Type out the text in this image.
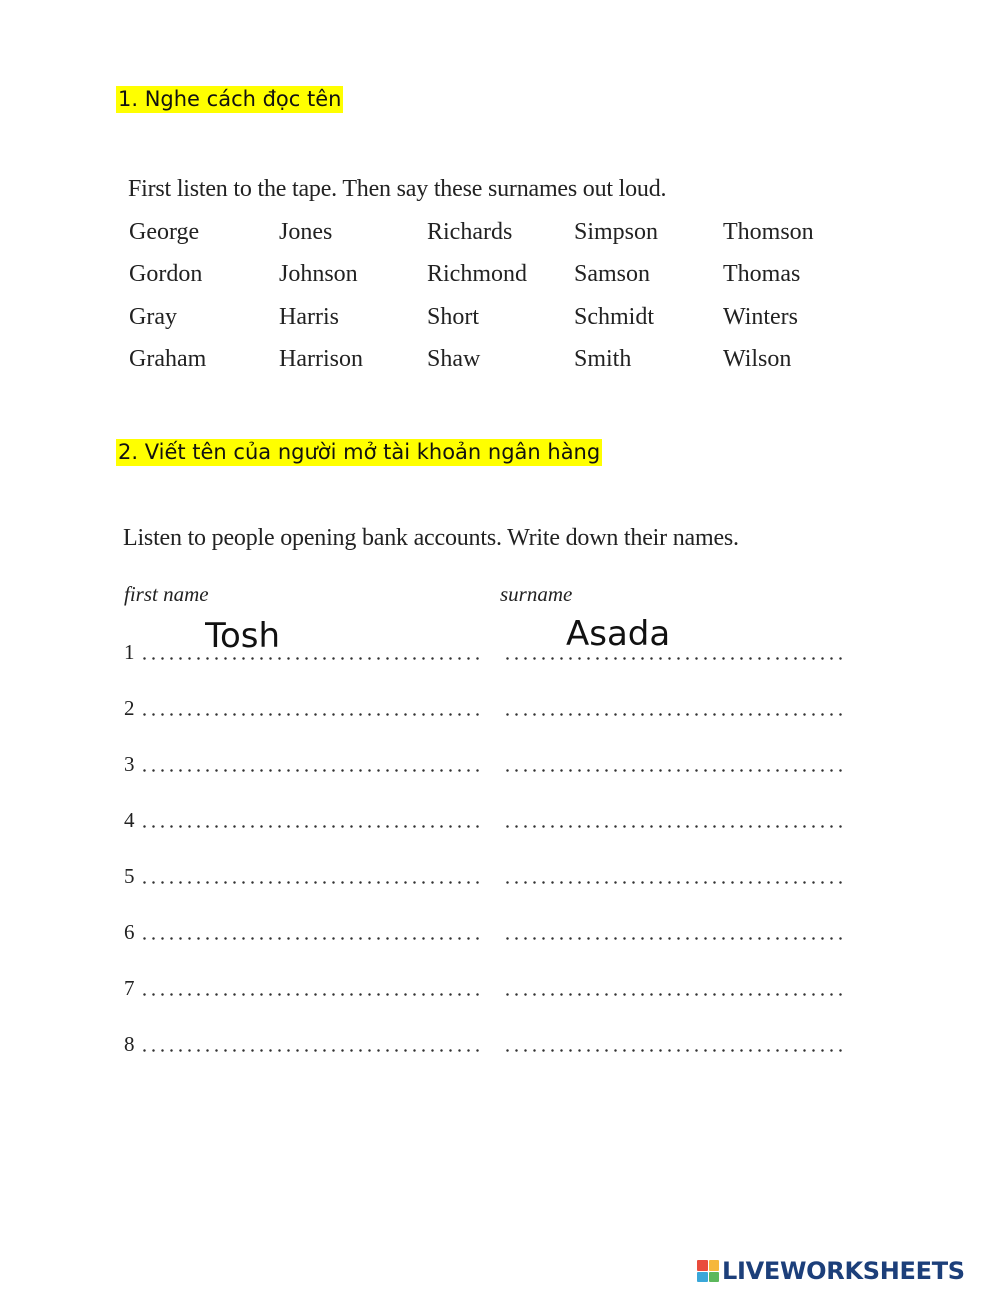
1. Nghe cách đọc tên
First listen to the tape. Then say these surnames out loud.
George
Gordon
Gray
Graham
Jones
Johnson
Harris
Harrison
Richards
Richmond
Short
Shaw
Simpson
Samson
Schmidt
Smith
Thomson
Thomas
Winters
Wilson
2. Viết tên của người mở tài khoản ngân hàng
Listen to people opening bank accounts. Write down their names.
first name	surname
1
Tosh
Asada
2
3
4
5
6
7
8
LIVEWORKSHEETS
